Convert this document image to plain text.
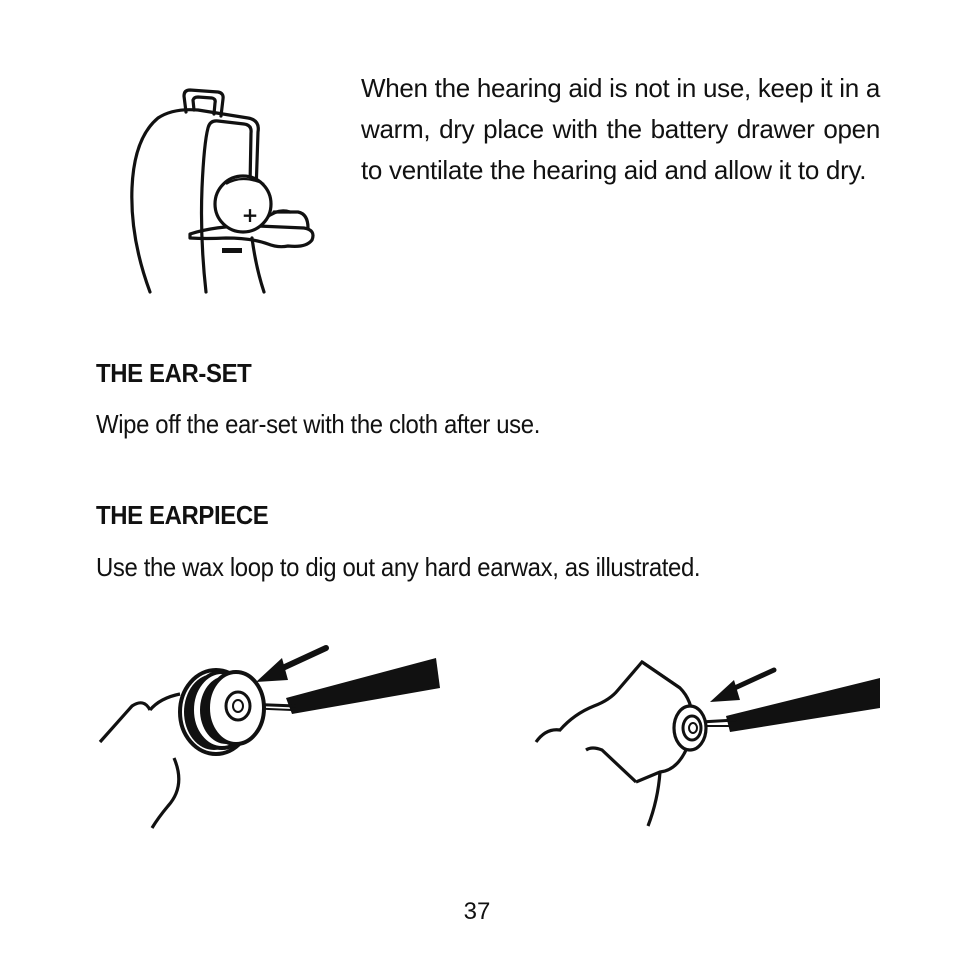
+
When the hearing aid is not in use, keep it in a warm, dry place with the battery drawer open to ventilate the hearing aid and allow it to dry.
THE EAR-SET
Wipe off the ear-set with the cloth after use.
THE EARPIECE
Use the wax loop to dig out any hard earwax, as illustrated.
37
